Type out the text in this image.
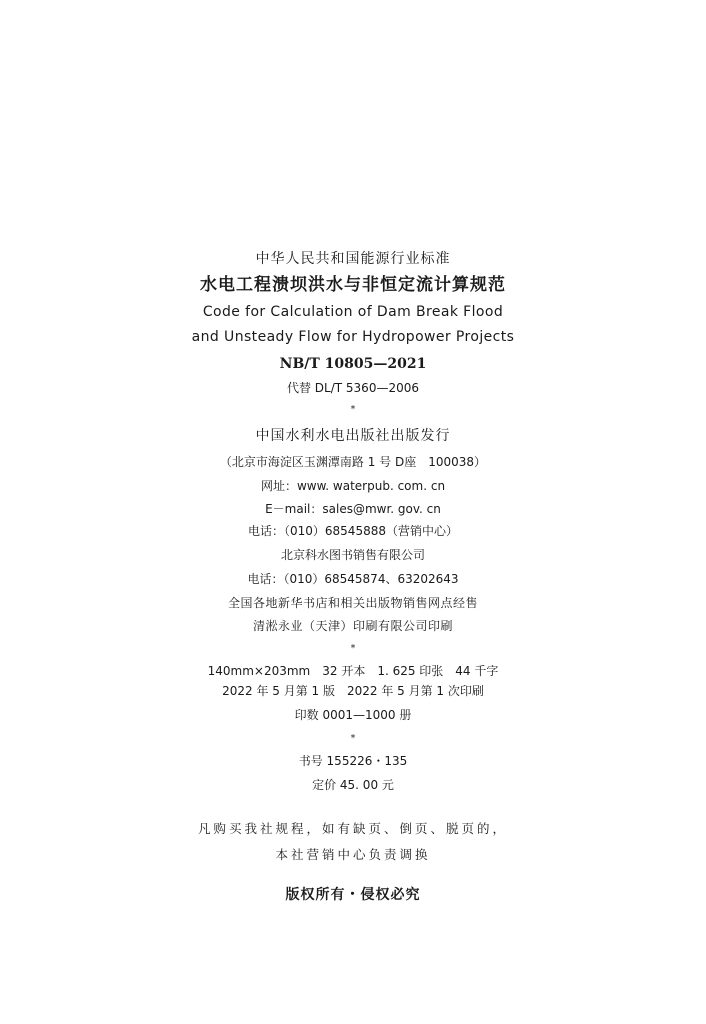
中华人民共和国能源行业标准
水电工程溃坝洪水与非恒定流计算规范
Code for Calculation of Dam Break Flood
and Unsteady Flow for Hydropower Projects
NB/T 10805—2021
代替 DL/T 5360—2006
*
中国水利水电出版社出版发行
（北京市海淀区玉渊潭南路 1 号 D座　100038）
网址：www. waterpub. com. cn
E－mail：sales@mwr. gov. cn
电话：（010）68545888（营销中心）
北京科水图书销售有限公司
电话：（010）68545874、63202643
全国各地新华书店和相关出版物销售网点经售
清淞永业（天津）印刷有限公司印刷
*
140mm×203mm　32 开本　1. 625 印张　44 千字
2022 年 5 月第 1 版　2022 年 5 月第 1 次印刷
印数 0001—1000 册
*
书号 155226・135
定价 45. 00 元
凡购买我社规程，如有缺页、倒页、脱页的，
本社营销中心负责调换
版权所有・侵权必究
